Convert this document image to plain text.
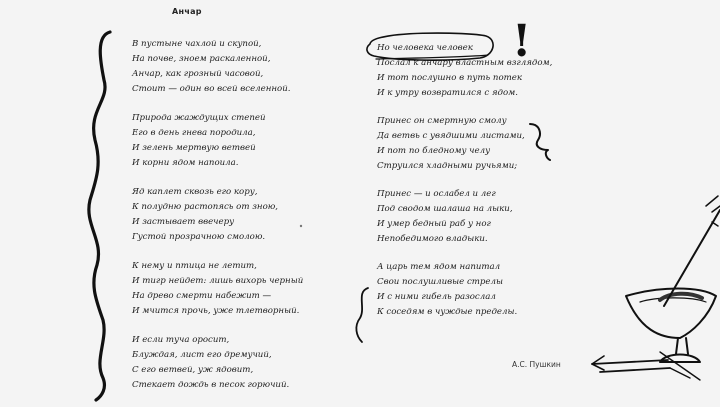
Анчар
В пустыне чахлой и скупой,
На почве, зноем раскаленной,
Анчар, как грозный часовой,
Стоит — один во всей вселенной.
Природа жаждущих степей
Его в день гнева породила,
И зелень мертвую ветвей
И корни ядом напоила.
Яд каплет сквозь его кору,
К полудню растопясь от зною,
И застывает ввечеру
Густой прозрачною смолою.
К нему и птица не летит,
И тигр нейдет: лишь вихорь черный
На древо смерти набежит —
И мчится прочь, уже тлетворный.
И если туча оросит,
Блуждая, лист его дремучий,
С его ветвей, уж ядовит,
Стекает дождь в песок горючий.
Но человека человек
Послал к анчару властным взглядом,
И тот послушно в путь потек
И к утру возвратился с ядом.
Принес он смертную смолу
Да ветвь с увядшими листами,
И пот по бледному челу
Струился хладными ручьями;
Принес — и ослабел и лег
Под сводом шалаша на лыки,
И умер бедный раб у ног
Непобедимого владыки.
А царь тем ядом напитал
Свои послушливые стрелы
И с ними гибель разослал
К соседям в чуждые пределы.
А.С. Пушкин
!
